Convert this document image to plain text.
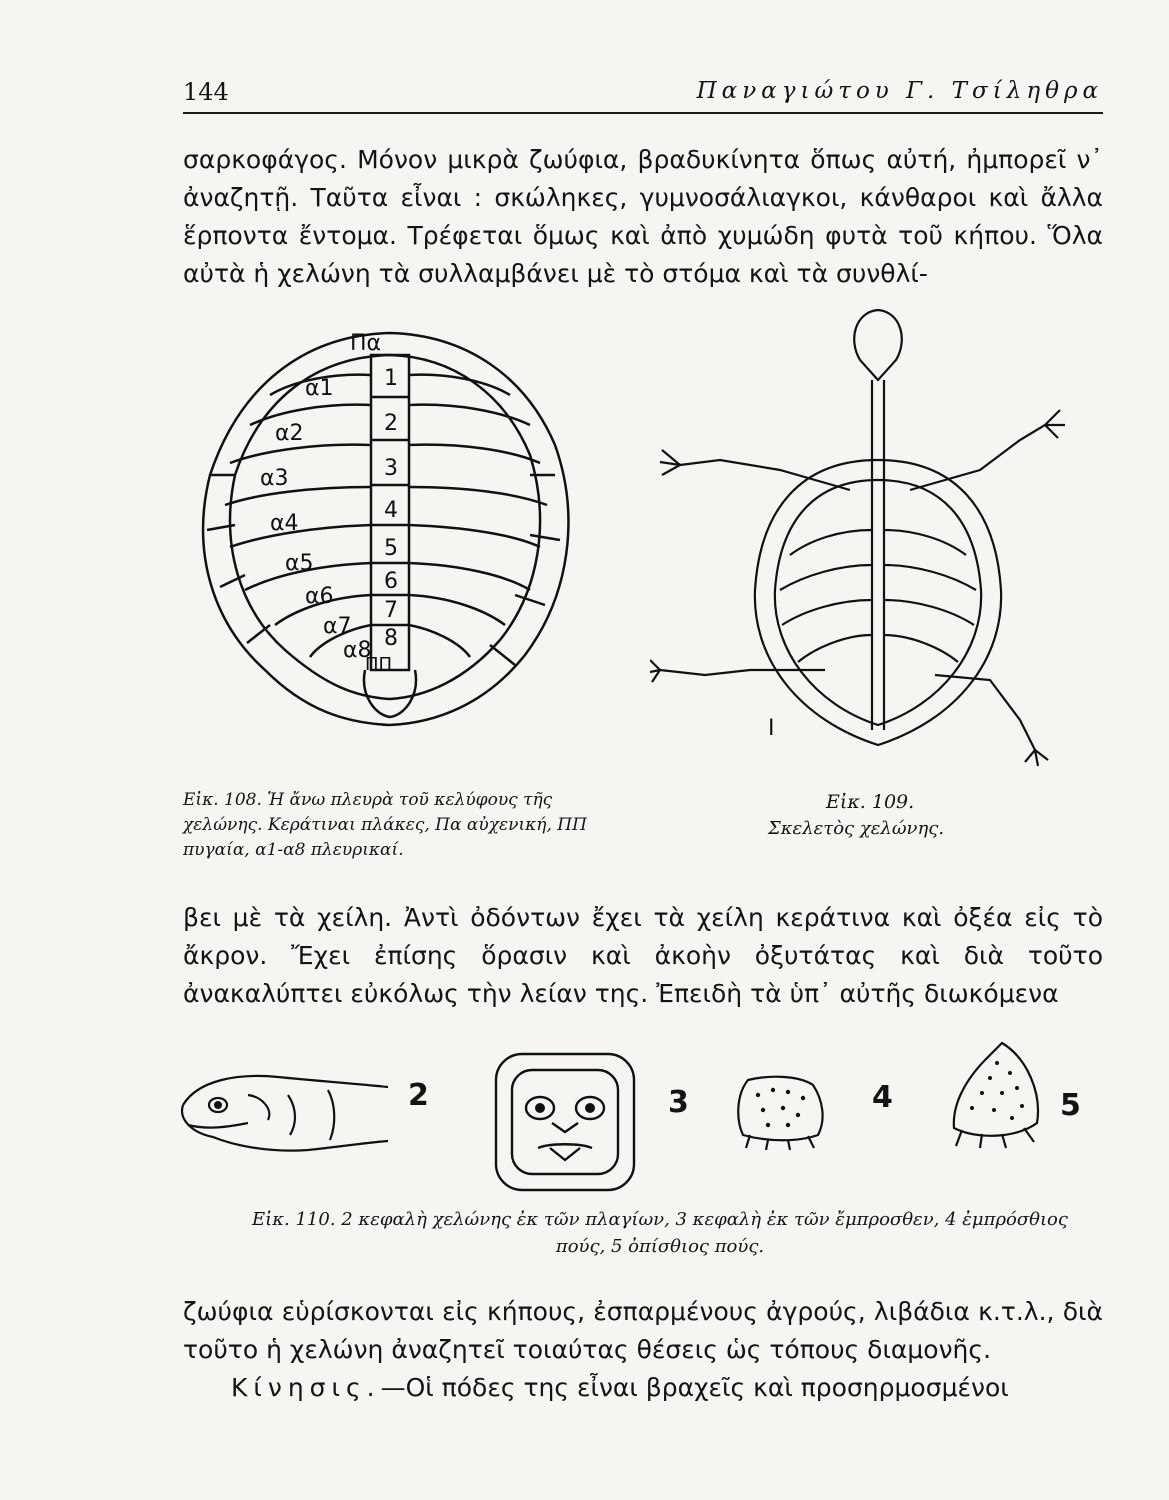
144	Παναγιώτου Γ. Τσίληθρα

σαρκοφάγος. Μόνον μικρὰ ζωύφια, βραδυκίνητα ὅπως αὐτή, ἠμπορεῖ ν᾿ ἀναζητῇ. Ταῦτα εἶναι : σκώληκες, γυμνοσάλιαγκοι, κάνθαροι καὶ ἄλλα ἕρποντα ἔντομα. Τρέφεται ὅμως καὶ ἀπὸ χυμώδη φυτὰ τοῦ κήπου. Ὅλα αὐτὰ ἡ χελώνη τὰ συλλαμβάνει μὲ τὸ στόμα καὶ τὰ συνθλί-

Πα
1
2
3
4
5
6
7
8
α1
α2
α3
α4
α5
α6
α7
α8
ΠΠ
I
Εἰκ. 108. Ἡ ἄνω πλευρὰ τοῦ κελύφους τῆς χελώνης. Κεράτιναι πλάκες, Πα αὐχενική, ΠΠ πυγαία, α1-α8 πλευρικαί.
Εἰκ. 109.
Σκελετὸς χελώνης.

βει μὲ τὰ χείλη. Ἀντὶ ὀδόντων ἔχει τὰ χείλη κεράτινα καὶ ὀξέα εἰς τὸ ἄκρον. Ἔχει ἐπίσης ὅρασιν καὶ ἀκοὴν ὀξυτάτας καὶ διὰ τοῦτο ἀνακαλύπτει εὐκόλως τὴν λείαν της. Ἐπειδὴ τὰ ὑπ᾿ αὐτῆς διωκόμενα

2	3	4	5
Εἰκ. 110. 2 κεφαλὴ χελώνης ἐκ τῶν πλαγίων, 3 κεφαλὴ ἐκ τῶν ἔμπροσθεν, 4 ἐμπρόσθιος πούς, 5 ὀπίσθιος πούς.

ζωύφια εὑρίσκονται εἰς κήπους, ἐσπαρμένους ἀγρούς, λιβάδια κ.τ.λ., διὰ τοῦτο ἡ χελώνη ἀναζητεῖ τοιαύτας θέσεις ὡς τόπους διαμονῆς.

Κίνησις.—Οἱ πόδες της εἶναι βραχεῖς καὶ προσηρμοσμένοι
